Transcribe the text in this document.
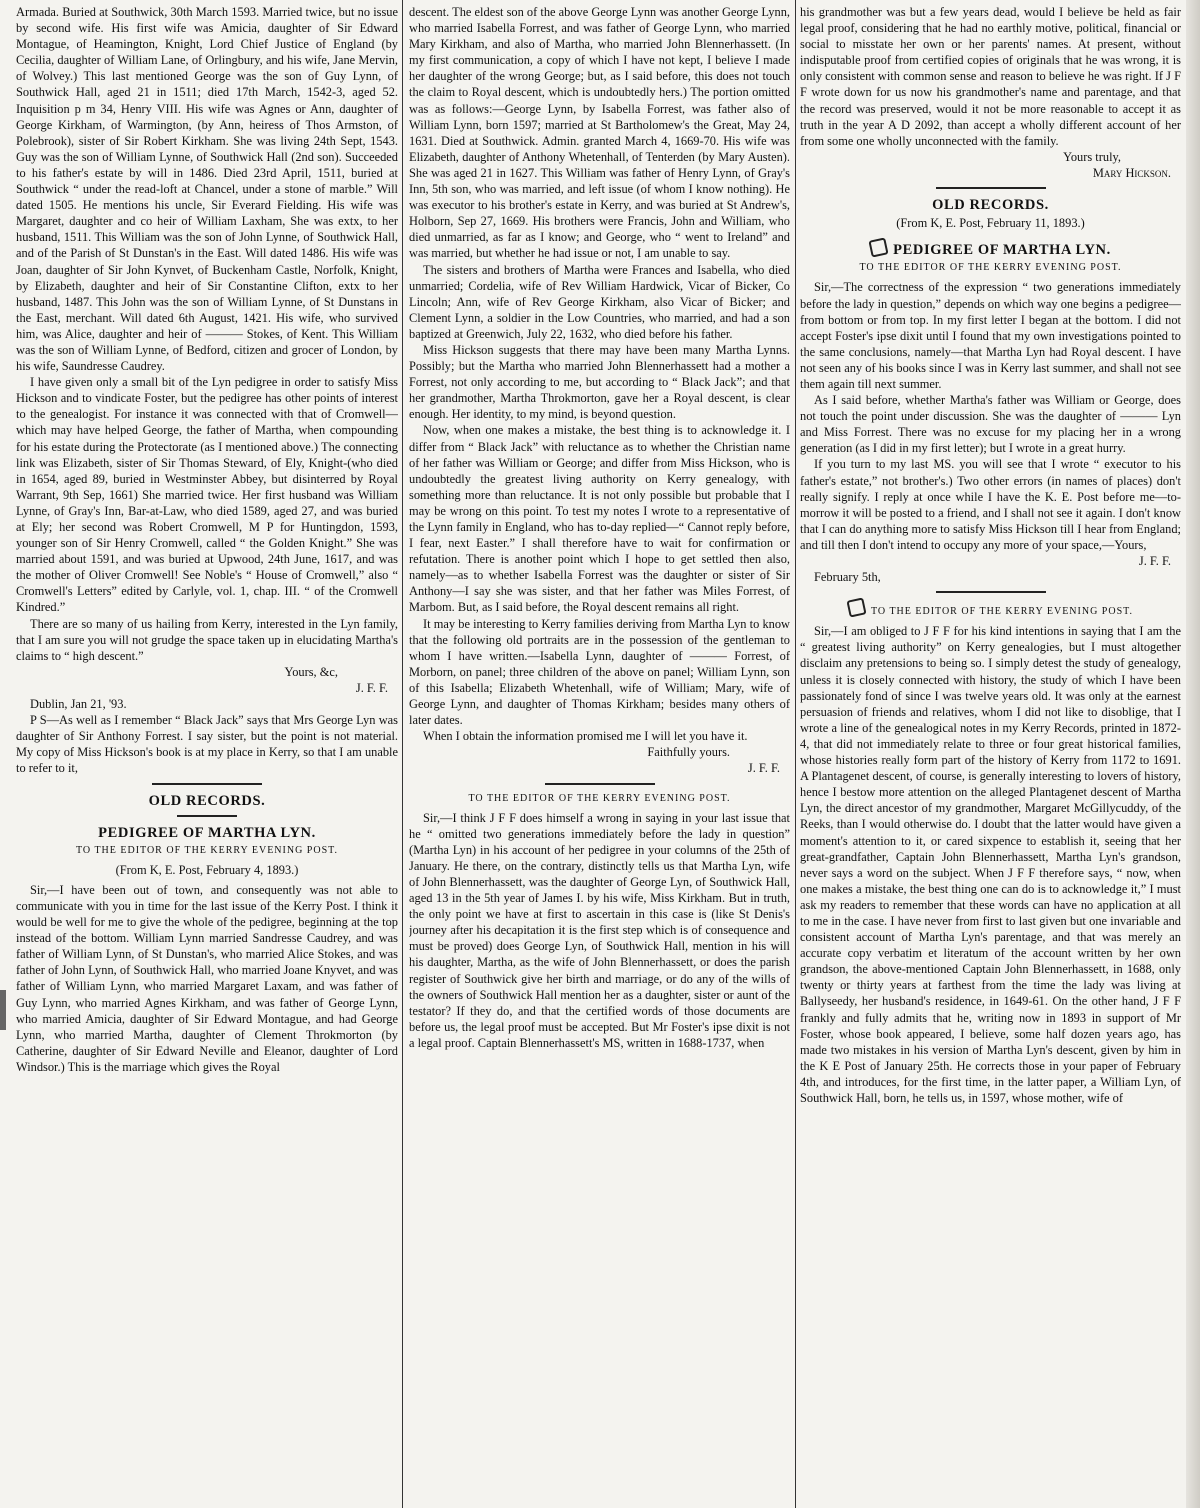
Armada. Buried at Southwick, 30th March 1593. Married twice, but no issue by second wife. His first wife was Amicia, daughter of Sir Edward Montague, of Heamington, Knight, Lord Chief Justice of England (by Cecilia, daughter of William Lane, of Orlingbury, and his wife, Jane Mervin, of Wolvey.) This last mentioned George was the son of Guy Lynn, of Southwick Hall, aged 21 in 1511; died 17th March, 1542-3, aged 52. Inquisition p m 34, Henry VIII. His wife was Agnes or Ann, daughter of George Kirkham, of Warmington, (by Ann, heiress of Thos Armston, of Polebrook), sister of Sir Robert Kirkham. She was living 24th Sept, 1543. Guy was the son of William Lynne, of Southwick Hall (2nd son). Succeeded to his father's estate by will in 1486. Died 23rd April, 1511, buried at Southwick “ under the read-loft at Chancel, under a stone of marble.” Will dated 1505. He mentions his uncle, Sir Everard Fielding. His wife was Margaret, daughter and co heir of William Laxham, She was extx, to her husband, 1511. This William was the son of John Lynne, of Southwick Hall, and of the Parish of St Dunstan's in the East. Will dated 1486. His wife was Joan, daughter of Sir John Kynvet, of Buckenham Castle, Norfolk, Knight, by Elizabeth, daughter and heir of Sir Constantine Clifton, extx to her husband, 1487. This John was the son of William Lynne, of St Dunstans in the East, merchant. Will dated 6th August, 1421. His wife, who survived him, was Alice, daughter and heir of ——— Stokes, of Kent. This William was the son of William Lynne, of Bedford, citizen and grocer of London, by his wife, Saundresse Caudrey.

I have given only a small bit of the Lyn pedigree in order to satisfy Miss Hickson and to vindicate Foster, but the pedigree has other points of interest to the genealogist. For instance it was connected with that of Cromwell—which may have helped George, the father of Martha, when compounding for his estate during the Protectorate (as I mentioned above.) The connecting link was Elizabeth, sister of Sir Thomas Steward, of Ely, Knight-(who died in 1654, aged 89, buried in Westminster Abbey, but disinterred by Royal Warrant, 9th Sep, 1661) She married twice. Her first husband was William Lynne, of Gray's Inn, Bar-at-Law, who died 1589, aged 27, and was buried at Ely; her second was Robert Cromwell, M P for Huntingdon, 1593, younger son of Sir Henry Cromwell, called “ the Golden Knight.” She was married about 1591, and was buried at Upwood, 24th June, 1617, and was the mother of Oliver Cromwell! See Noble's “ House of Cromwell,” also “ Cromwell's Letters” edited by Carlyle, vol. 1, chap. III. “ of the Cromwell Kindred.”

There are so many of us hailing from Kerry, interested in the Lyn family, that I am sure you will not grudge the space taken up in elucidating Martha's claims to “ high descent.”

Yours, &c,

J. F. F.

Dublin, Jan 21, '93.

P S—As well as I remember “ Black Jack” says that Mrs George Lyn was daughter of Sir Anthony Forrest. I say sister, but the point is not material. My copy of Miss Hickson's book is at my place in Kerry, so that I am unable to refer to it,

OLD RECORDS.
PEDIGREE OF MARTHA LYN.
TO THE EDITOR OF THE KERRY EVENING POST.
(From K, E. Post, February 4, 1893.)

Sir,—I have been out of town, and consequently was not able to communicate with you in time for the last issue of the Kerry Post. I think it would be well for me to give the whole of the pedigree, beginning at the top instead of the bottom. William Lynn married Sandresse Caudrey, and was father of William Lynn, of St Dunstan's, who married Alice Stokes, and was father of John Lynn, of Southwick Hall, who married Joane Knyvet, and was father of William Lynn, who married Margaret Laxam, and was father of Guy Lynn, who married Agnes Kirkham, and was father of George Lynn, who married Amicia, daughter of Sir Edward Montague, and had George Lynn, who married Martha, daughter of Clement Throkmorton (by Catherine, daughter of Sir Edward Neville and Eleanor, daughter of Lord Windsor.) This is the marriage which gives the Royal

descent. The eldest son of the above George Lynn was another George Lynn, who married Isabella Forrest, and was father of George Lynn, who married Mary Kirkham, and also of Martha, who married John Blennerhassett. (In my first communication, a copy of which I have not kept, I believe I made her daughter of the wrong George; but, as I said before, this does not touch the claim to Royal descent, which is undoubtedly hers.) The portion omitted was as follows:—George Lynn, by Isabella Forrest, was father also of William Lynn, born 1597; married at St Bartholomew's the Great, May 24, 1631. Died at Southwick. Admin. granted March 4, 1669-70. His wife was Elizabeth, daughter of Anthony Whetenhall, of Tenterden (by Mary Austen). She was aged 21 in 1627. This William was father of Henry Lynn, of Gray's Inn, 5th son, who was married, and left issue (of whom I know nothing). He was executor to his brother's estate in Kerry, and was buried at St Andrew's, Holborn, Sep 27, 1669. His brothers were Francis, John and William, who died unmarried, as far as I know; and George, who “ went to Ireland” and was married, but whether he had issue or not, I am unable to say.

The sisters and brothers of Martha were Frances and Isabella, who died unmarried; Cordelia, wife of Rev William Hardwick, Vicar of Bicker, Co Lincoln; Ann, wife of Rev George Kirkham, also Vicar of Bicker; and Clement Lynn, a soldier in the Low Countries, who married, and had a son baptized at Greenwich, July 22, 1632, who died before his father.

Miss Hickson suggests that there may have been many Martha Lynns. Possibly; but the Martha who married John Blennerhassett had a mother a Forrest, not only according to me, but according to “ Black Jack”; and that her grandmother, Martha Throkmorton, gave her a Royal descent, is clear enough. Her identity, to my mind, is beyond question.

Now, when one makes a mistake, the best thing is to acknowledge it. I differ from “ Black Jack” with reluctance as to whether the Christian name of her father was William or George; and differ from Miss Hickson, who is undoubtedly the greatest living authority on Kerry genealogy, with something more than reluctance. It is not only possible but probable that I may be wrong on this point. To test my notes I wrote to a representative of the Lynn family in England, who has to-day replied—“ Cannot reply before, I fear, next Easter.” I shall therefore have to wait for confirmation or refutation. There is another point which I hope to get settled then also, namely—as to whether Isabella Forrest was the daughter or sister of Sir Anthony—I say she was sister, and that her father was Miles Forrest, of Marbom. But, as I said before, the Royal descent remains all right.

It may be interesting to Kerry families deriving from Martha Lyn to know that the following old portraits are in the possession of the gentleman to whom I have written.—Isabella Lynn, daughter of ——— Forrest, of Morborn, on panel; three children of the above on panel; William Lynn, son of this Isabella; Elizabeth Whetenhall, wife of William; Mary, wife of George Lynn, and daughter of Thomas Kirkham; besides many others of later dates.

When I obtain the information promised me I will let you have it.

Faithfully yours.

J. F. F.

TO THE EDITOR OF THE KERRY EVENING POST.

Sir,—I think J F F does himself a wrong in saying in your last issue that he “ omitted two generations immediately before the lady in question” (Martha Lyn) in his account of her pedigree in your columns of the 25th of January. He there, on the contrary, distinctly tells us that Martha Lyn, wife of John Blennerhassett, was the daughter of George Lyn, of Southwick Hall, aged 13 in the 5th year of James I. by his wife, Miss Kirkham. But in truth, the only point we have at first to ascertain in this case is (like St Denis's journey after his decapitation it is the first step which is of consequence and must be proved) does George Lyn, of Southwick Hall, mention in his will his daughter, Martha, as the wife of John Blennerhassett, or does the parish register of Southwick give her birth and marriage, or do any of the wills of the owners of Southwick Hall mention her as a daughter, sister or aunt of the testator? If they do, and that the certified words of those documents are before us, the legal proof must be accepted. But Mr Foster's ipse dixit is not a legal proof. Captain Blennerhassett's MS, written in 1688-1737, when

his grandmother was but a few years dead, would I believe be held as fair legal proof, considering that he had no earthly motive, political, financial or social to misstate her own or her parents' names. At present, without indisputable proof from certified copies of originals that he was wrong, it is only consistent with common sense and reason to believe he was right. If J F F wrote down for us now his grandmother's name and parentage, and that the record was preserved, would it not be more reasonable to accept it as truth in the year A D 2092, than accept a wholly different account of her from some one wholly unconnected with the family.

Yours truly,

Mary Hickson.

OLD RECORDS.
(From K, E. Post, February 11, 1893.)
PEDIGREE OF MARTHA LYN.
TO THE EDITOR OF THE KERRY EVENING POST.

Sir,—The correctness of the expression “ two generations immediately before the lady in question,” depends on which way one begins a pedigree—from bottom or from top. In my first letter I began at the bottom. I did not accept Foster's ipse dixit until I found that my own investigations pointed to the same conclusions, namely—that Martha Lyn had Royal descent. I have not seen any of his books since I was in Kerry last summer, and shall not see them again till next summer.

As I said before, whether Martha's father was William or George, does not touch the point under discussion. She was the daughter of ——— Lyn and Miss Forrest. There was no excuse for my placing her in a wrong generation (as I did in my first letter); but I wrote in a great hurry.

If you turn to my last MS. you will see that I wrote “ executor to his father's estate,” not brother's.) Two other errors (in names of places) don't really signify. I reply at once while I have the K. E. Post before me—to-morrow it will be posted to a friend, and I shall not see it again. I don't know that I can do anything more to satisfy Miss Hickson till I hear from England; and till then I don't intend to occupy any more of your space,—Yours,

J. F. F.

February 5th,

TO THE EDITOR OF THE KERRY EVENING POST.

Sir,—I am obliged to J F F for his kind intentions in saying that I am the “ greatest living authority” on Kerry genealogies, but I must altogether disclaim any pretensions to being so. I simply detest the study of genealogy, unless it is closely connected with history, the study of which I have been passionately fond of since I was twelve years old. It was only at the earnest persuasion of friends and relatives, whom I did not like to disoblige, that I wrote a line of the genealogical notes in my Kerry Records, printed in 1872-4, that did not immediately relate to three or four great historical families, whose histories really form part of the history of Kerry from 1172 to 1691. A Plantagenet descent, of course, is generally interesting to lovers of history, hence I bestow more attention on the alleged Plantagenet descent of Martha Lyn, the direct ancestor of my grandmother, Margaret McGillycuddy, of the Reeks, than I would otherwise do. I doubt that the latter would have given a moment's attention to it, or cared sixpence to establish it, seeing that her great-grandfather, Captain John Blennerhassett, Martha Lyn's grandson, never says a word on the subject. When J F F therefore says, “ now, when one makes a mistake, the best thing one can do is to acknowledge it,” I must ask my readers to remember that these words can have no application at all to me in the case. I have never from first to last given but one invariable and consistent account of Martha Lyn's parentage, and that was merely an accurate copy verbatim et literatum of the account written by her own grandson, the above-mentioned Captain John Blennerhassett, in 1688, only twenty or thirty years at farthest from the time the lady was living at Ballyseedy, her husband's residence, in 1649-61. On the other hand, J F F frankly and fully admits that he, writing now in 1893 in support of Mr Foster, whose book appeared, I believe, some half dozen years ago, has made two mistakes in his version of Martha Lyn's descent, given by him in the K E Post of January 25th. He corrects those in your paper of February 4th, and introduces, for the first time, in the latter paper, a William Lyn, of Southwick Hall, born, he tells us, in 1597, whose mother, wife of
